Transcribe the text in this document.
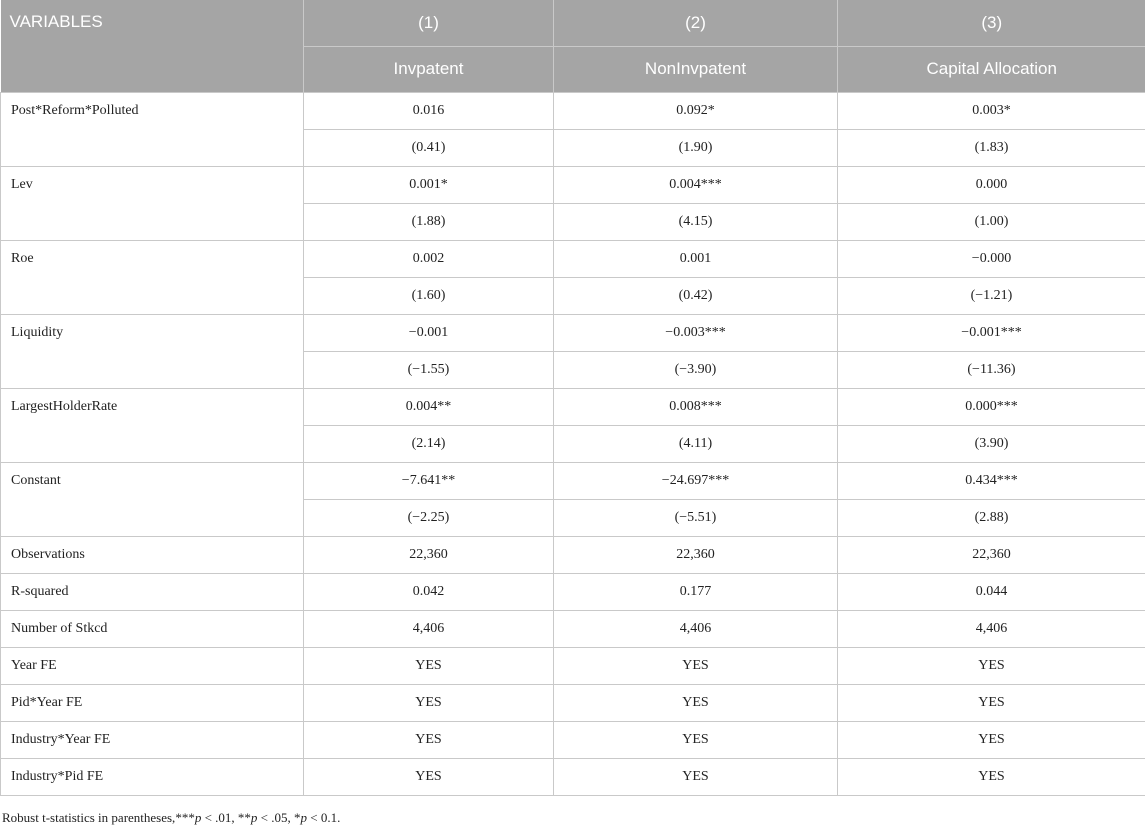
VARIABLES	(1)	(2)	(3)
	Invpatent	NonInvpatent	Capital Allocation
Post*Reform*Polluted	0.016	0.092*	0.003*
	(0.41)	(1.90)	(1.83)
Lev	0.001*	0.004***	0.000
	(1.88)	(4.15)	(1.00)
Roe	0.002	0.001	−0.000
	(1.60)	(0.42)	(−1.21)
Liquidity	−0.001	−0.003***	−0.001***
	(−1.55)	(−3.90)	(−11.36)
LargestHolderRate	0.004**	0.008***	0.000***
	(2.14)	(4.11)	(3.90)
Constant	−7.641**	−24.697***	0.434***
	(−2.25)	(−5.51)	(2.88)
Observations	22,360	22,360	22,360
R-squared	0.042	0.177	0.044
Number of Stkcd	4,406	4,406	4,406
Year FE	YES	YES	YES
Pid*Year FE	YES	YES	YES
Industry*Year FE	YES	YES	YES
Industry*Pid FE	YES	YES	YES
Robust t-statistics in parentheses,***p < .01, **p < .05, *p < 0.1.
